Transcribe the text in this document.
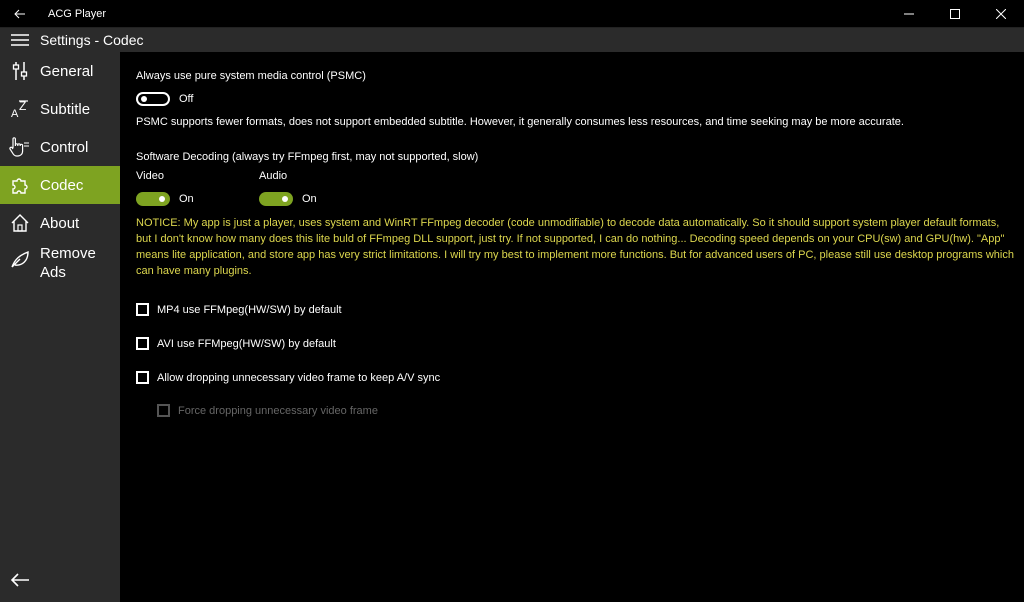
ACG Player
Settings - Codec
General
A
Z Subtitle
Control
Codec
About
Remove
Ads
Always use pure system media control (PSMC)
Off
PSMC supports fewer formats, does not support embedded subtitle. However, it generally consumes less resources, and time seeking may be more accurate.
Software Decoding (always try FFmpeg first, may not supported, slow)
Video	Audio
On	On
NOTICE: My app is just a player, uses system and WinRT FFmpeg decoder (code unmodifiable) to decode data automatically. So it should support system player default formats, but I don't know how many does this lite buld of FFmpeg DLL support, just try. If not supported, I can do nothing... Decoding speed depends on your CPU(sw) and GPU(hw). "App" means lite application, and store app has very strict limitations. I will try my best to implement more functions. But for advanced users of PC, please still use desktop programs which can have many plugins.
MP4 use FFMpeg(HW/SW) by default
AVI use FFMpeg(HW/SW) by default
Allow dropping unnecessary video frame to keep A/V sync
Force dropping unnecessary video frame
